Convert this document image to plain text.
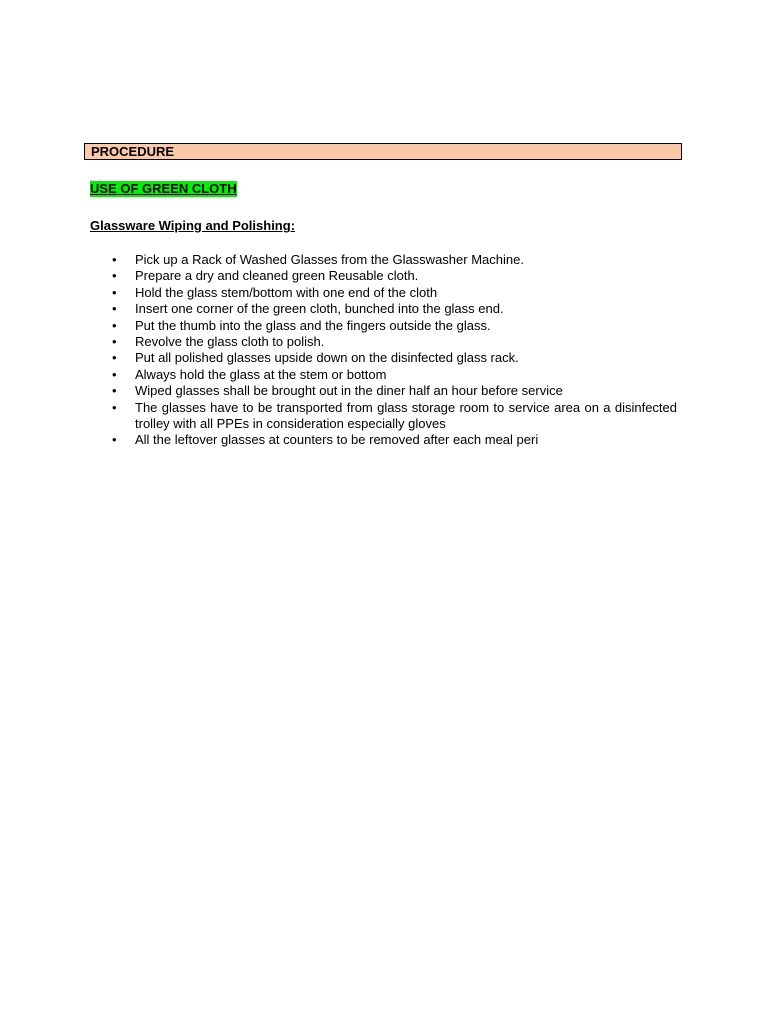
PROCEDURE
USE OF GREEN CLOTH
Glassware Wiping and Polishing:
• Pick up a Rack of Washed Glasses from the Glasswasher Machine.
• Prepare a dry and cleaned green Reusable cloth.
• Hold the glass stem/bottom with one end of the cloth
• Insert one corner of the green cloth, bunched into the glass end.
• Put the thumb into the glass and the fingers outside the glass.
• Revolve the glass cloth to polish.
• Put all polished glasses upside down on the disinfected glass rack.
• Always hold the glass at the stem or bottom
• Wiped glasses shall be brought out in the diner half an hour before service
• The glasses have to be transported from glass storage room to service area on a disinfected trolley with all PPEs in consideration especially gloves
• All the leftover glasses at counters to be removed after each meal peri
